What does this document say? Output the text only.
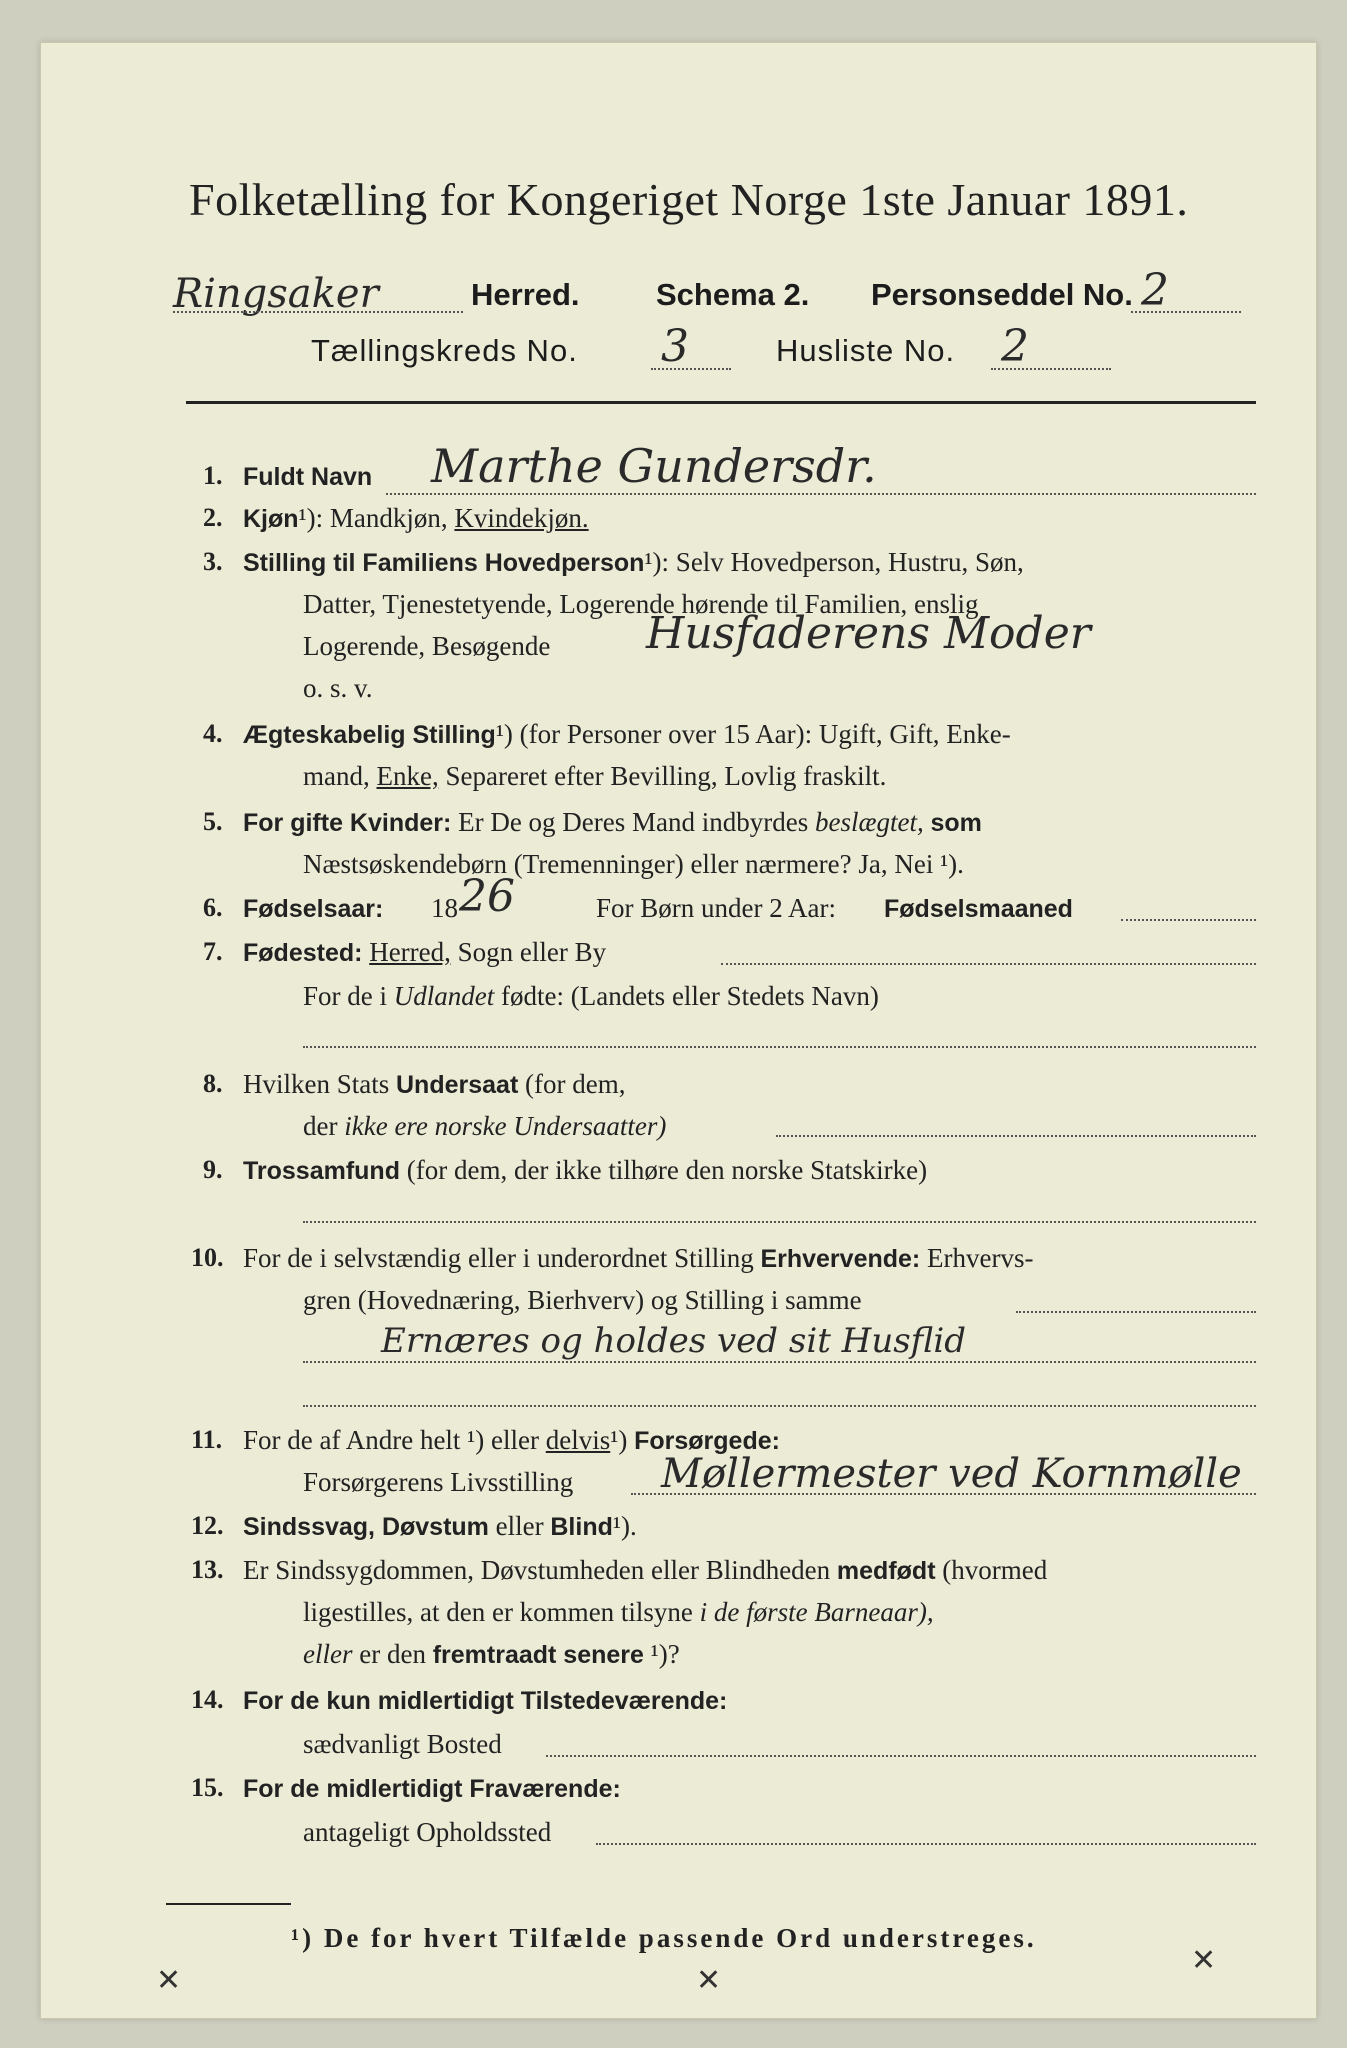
Folketælling for Kongeriget Norge 1ste Januar 1891.
Ringsaker	Herred. Schema 2. Personseddel No. 2
Tællingskreds No. 3	Husliste No. 2
1. Fuldt Navn Marthe Gundersdr.
2. Kjøn¹): Mandkjøn, Kvindekjøn.
3. Stilling til Familiens Hovedperson¹): Selv Hovedperson, Hustru, Søn,
Datter, Tjenestetyende, Logerende hørende til Familien, enslig
Logerende, Besøgende Husfaderens Moder
o. s. v.
4. Ægteskabelig Stilling¹) (for Personer over 15 Aar): Ugift, Gift, Enke-
mand, Enke, Separeret efter Bevilling, Lovlig fraskilt.
5. For gifte Kvinder: Er De og Deres Mand indbyrdes beslægtet, som
Næstsøskendebørn (Tremenninger) eller nærmere? Ja, Nei ¹).
6. Fødselsaar: 18 26	For Børn under 2 Aar: Fødselsmaaned
7. Fødested: Herred, Sogn eller By
For de i Udlandet fødte: (Landets eller Stedets Navn)
8. Hvilken Stats Undersaat (for dem,
der ikke ere norske Undersaatter)
9. Trossamfund (for dem, der ikke tilhøre den norske Statskirke)
10. For de i selvstændig eller i underordnet Stilling Erhvervende: Erhvervs-
gren (Hovednæring, Bierhverv) og Stilling i samme
Ernæres og holdes ved sit Husflid
11. For de af Andre helt ¹) eller delvis¹) Forsørgede:
Forsørgerens Livsstilling Møllermester ved Kornmølle
12. Sindssvag, Døvstum eller Blind¹).
13. Er Sindssygdommen, Døvstumheden eller Blindheden medfødt (hvormed
ligestilles, at den er kommen tilsyne i de første Barneaar),
eller er den fremtraadt senere ¹)?
14. For de kun midlertidigt Tilstedeværende:
sædvanligt Bosted
15. For de midlertidigt Fraværende:
antageligt Opholdssted
¹) De for hvert Tilfælde passende Ord understreges.
✕	✕
✕
